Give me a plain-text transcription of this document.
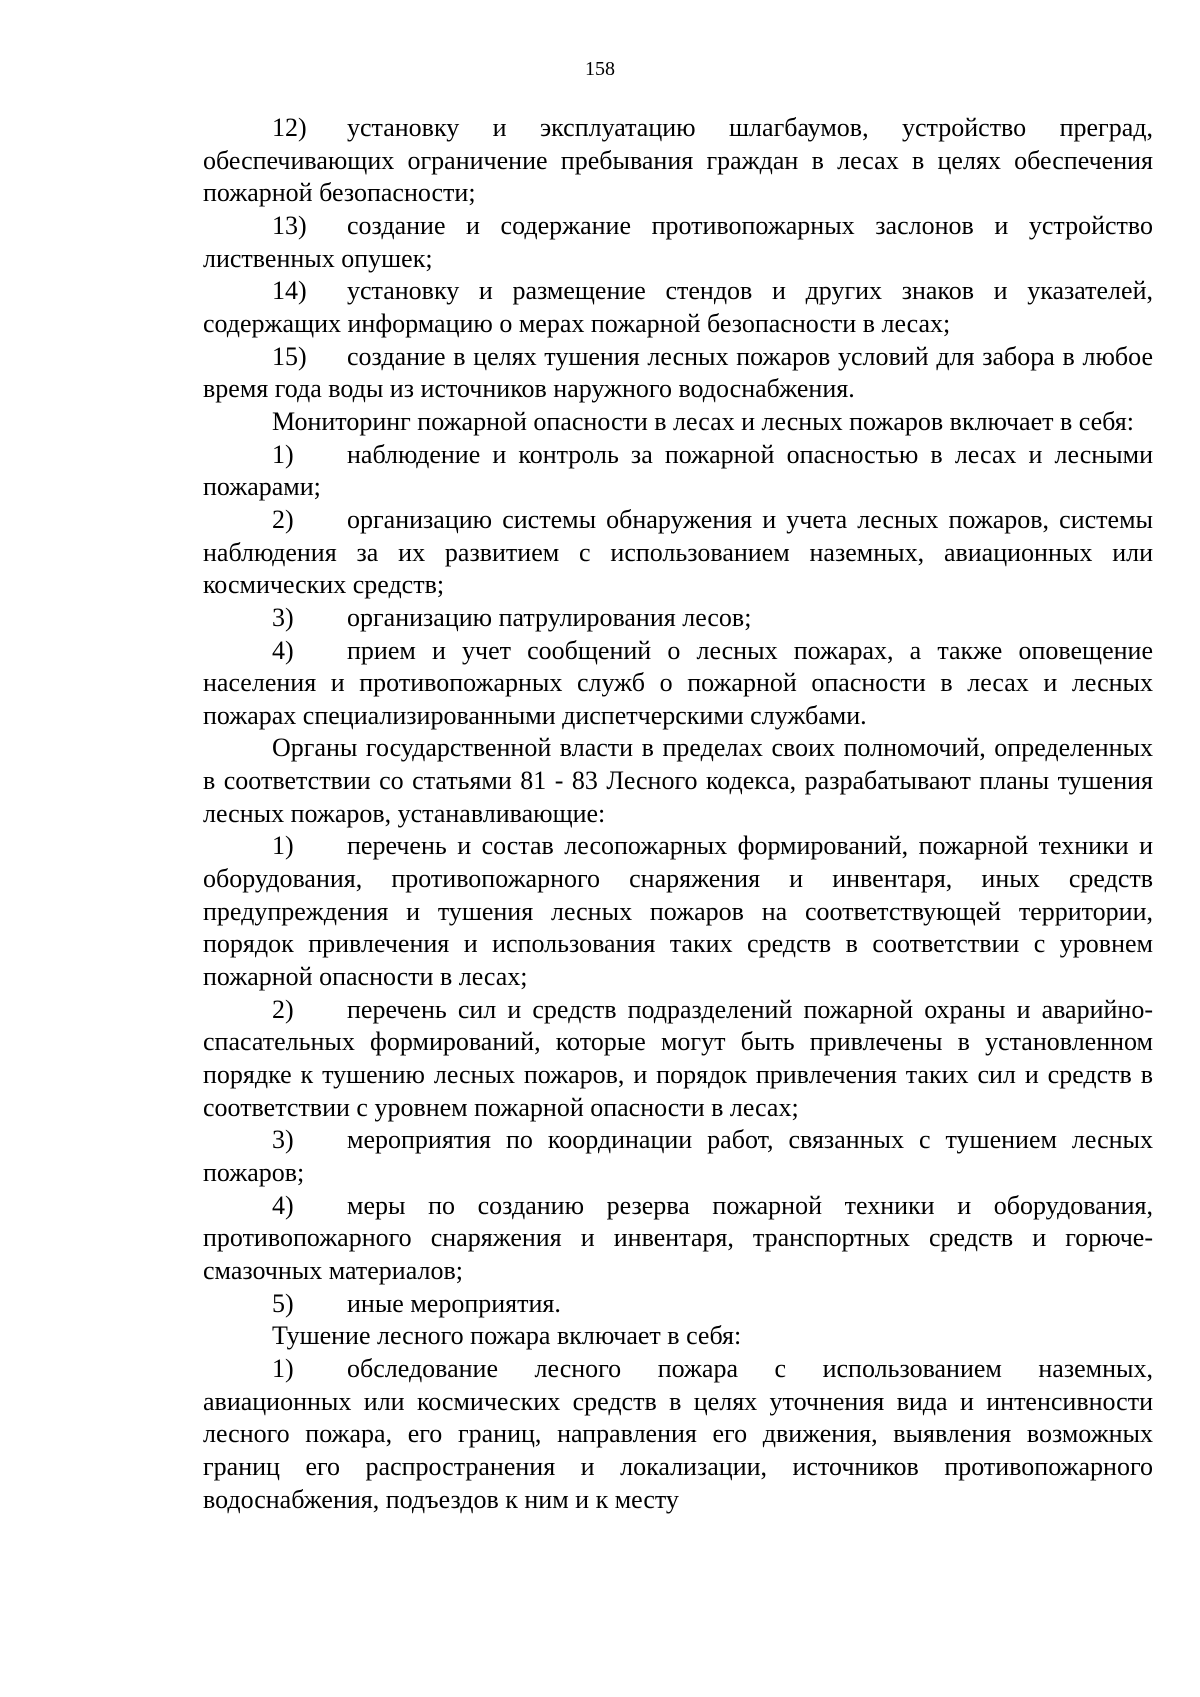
158

12) установку и эксплуатацию шлагбаумов, устройство преград, обеспечивающих ограничение пребывания граждан в лесах в целях обеспечения пожарной безопасности;

13) создание и содержание противопожарных заслонов и устройство лиственных опушек;

14) установку и размещение стендов и других знаков и указателей, содержащих информацию о мерах пожарной безопасности в лесах;

15) создание в целях тушения лесных пожаров условий для забора в любое время года воды из источников наружного водоснабжения.

Мониторинг пожарной опасности в лесах и лесных пожаров включает в себя:

1) наблюдение и контроль за пожарной опасностью в лесах и лесными пожарами;

2) организацию системы обнаружения и учета лесных пожаров, системы наблюдения за их развитием с использованием наземных, авиационных или космических средств;

3) организацию патрулирования лесов;

4) прием и учет сообщений о лесных пожарах, а также оповещение населения и противопожарных служб о пожарной опасности в лесах и лесных пожарах специализированными диспетчерскими службами.

Органы государственной власти в пределах своих полномочий, определенных в соответствии со статьями 81 - 83 Лесного кодекса, разрабатывают планы тушения лесных пожаров, устанавливающие:

1) перечень и состав лесопожарных формирований, пожарной техники и оборудования, противопожарного снаряжения и инвентаря, иных средств предупреждения и тушения лесных пожаров на соответствующей территории, порядок привлечения и использования таких средств в соответствии с уровнем пожарной опасности в лесах;

2) перечень сил и средств подразделений пожарной охраны и аварийно-спасательных формирований, которые могут быть привлечены в установленном порядке к тушению лесных пожаров, и порядок привлечения таких сил и средств в соответствии с уровнем пожарной опасности в лесах;

3) мероприятия по координации работ, связанных с тушением лесных пожаров;

4) меры по созданию резерва пожарной техники и оборудования, противопожарного снаряжения и инвентаря, транспортных средств и горюче-смазочных материалов;

5) иные мероприятия.

Тушение лесного пожара включает в себя:

1) обследование лесного пожара с использованием наземных, авиационных или космических средств в целях уточнения вида и интенсивности лесного пожара, его границ, направления его движения, выявления возможных границ его распространения и локализации, источников противопожарного водоснабжения, подъездов к ним и к месту
